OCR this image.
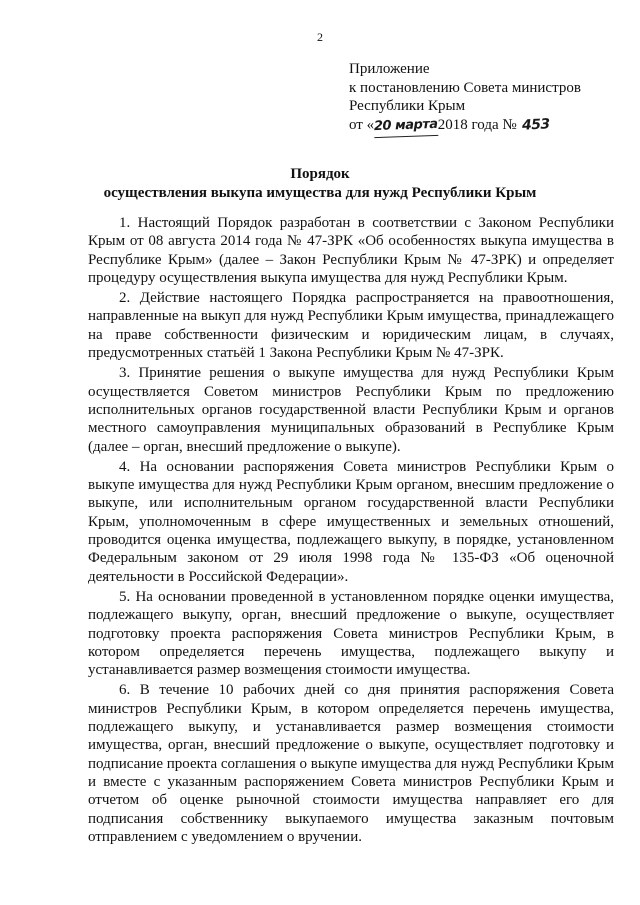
2
Приложение
к постановлению Совета министров
Республики Крым
от «20 марта2018 года № 453
Порядок
осуществления выкупа имущества для нужд Республики Крым

1. Настоящий Порядок разработан в соответствии с Законом Республики Крым от 08 августа 2014 года № 47-ЗРК «Об особенностях выкупа имущества в Республике Крым» (далее – Закон Республики Крым № 47-ЗРК) и определяет процедуру осуществления выкупа имущества для нужд Республики Крым.

2. Действие настоящего Порядка распространяется на правоотношения, направленные на выкуп для нужд Республики Крым имущества, принадлежащего на праве собственности физическим и юридическим лицам, в случаях, предусмотренных статьёй 1 Закона Республики Крым № 47-ЗРК.

3. Принятие решения о выкупе имущества для нужд Республики Крым осуществляется Советом министров Республики Крым по предложению исполнительных органов государственной власти Республики Крым и органов местного самоуправления муниципальных образований в Республике Крым (далее – орган, внесший предложение о выкупе).

4. На основании распоряжения Совета министров Республики Крым о выкупе имущества для нужд Республики Крым органом, внесшим предложение о выкупе, или исполнительным органом государственной власти Республики Крым, уполномоченным в сфере имущественных и земельных отношений, проводится оценка имущества, подлежащего выкупу, в порядке, установленном Федеральным законом от 29 июля 1998 года № 135-ФЗ «Об оценочной деятельности в Российской Федерации».

5. На основании проведенной в установленном порядке оценки имущества, подлежащего выкупу, орган, внесший предложение о выкупе, осуществляет подготовку проекта распоряжения Совета министров Республики Крым, в котором определяется перечень имущества, подлежащего выкупу и устанавливается размер возмещения стоимости имущества.

6. В течение 10 рабочих дней со дня принятия распоряжения Совета министров Республики Крым, в котором определяется перечень имущества, подлежащего выкупу, и устанавливается размер возмещения стоимости имущества, орган, внесший предложение о выкупе, осуществляет подготовку и подписание проекта соглашения о выкупе имущества для нужд Республики Крым и вместе с указанным распоряжением Совета министров Республики Крым и отчетом об оценке рыночной стоимости имущества направляет его для подписания собственнику выкупаемого имущества заказным почтовым отправлением с уведомлением о вручении.
